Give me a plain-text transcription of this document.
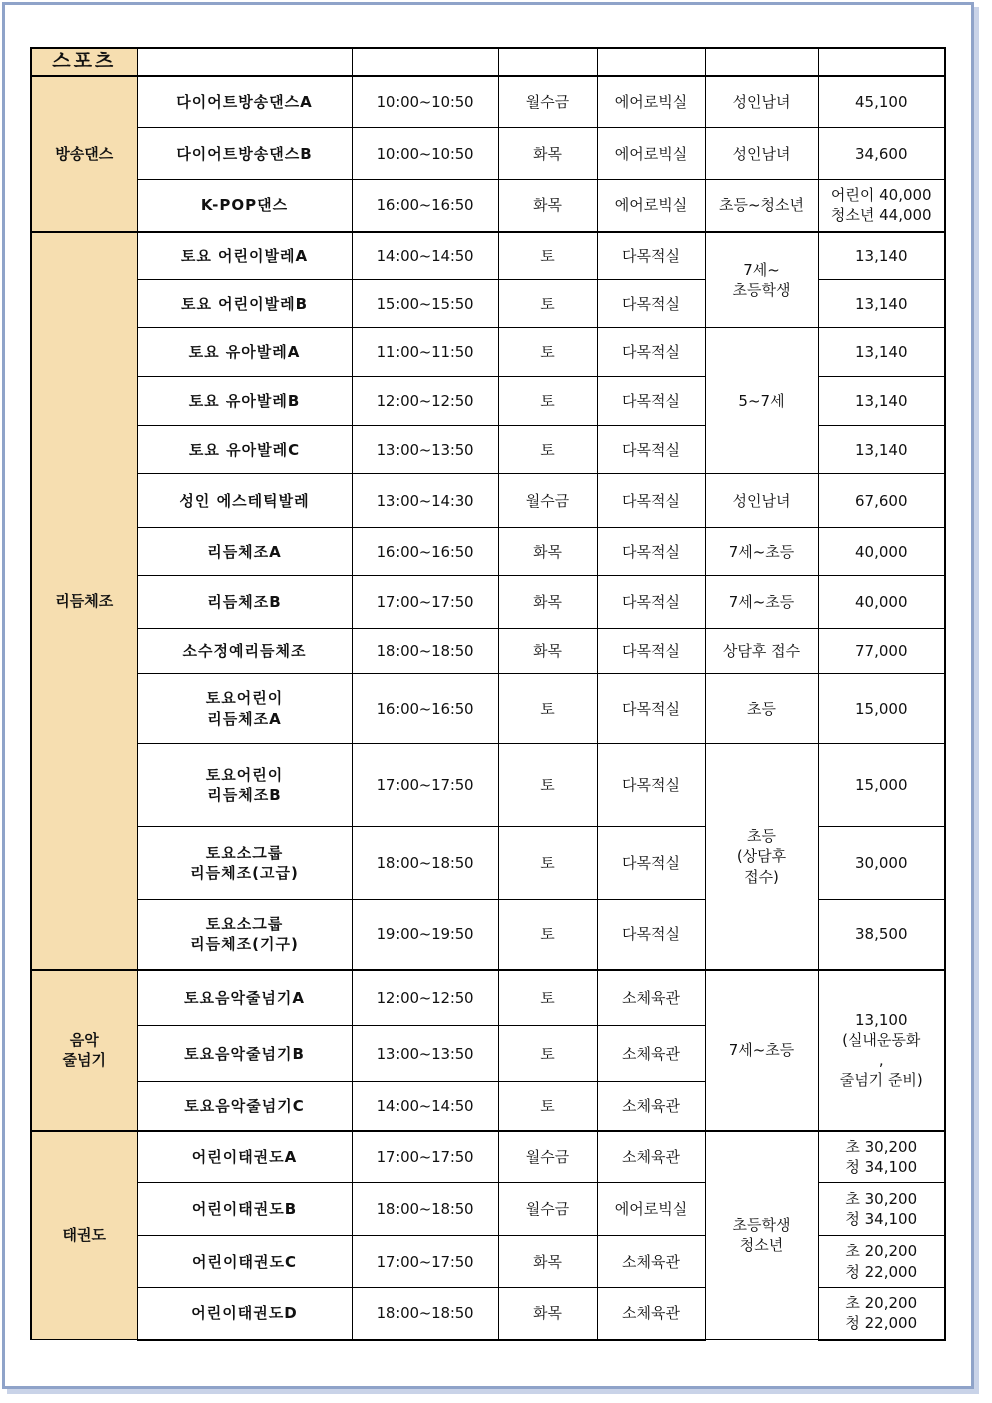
스포츠						
방송댄스	다이어트방송댄스A	10:00~10:50	월수금	에어로빅실	성인남녀	45,100
	다이어트방송댄스B	10:00~10:50	화목	에어로빅실	성인남녀	34,600
	K-POP댄스	16:00~16:50	화목	에어로빅실	초등~청소년	어린이 40,000
청소년 44,000

리듬체조	토요 어린이발레A	14:00~14:50	토	다목적실	7세~
초등학생	13,140
	토요 어린이발레B	15:00~15:50	토	다목적실		13,140
	토요 유아발레A	11:00~11:50	토	다목적실	5~7세	13,140
	토요 유아발레B	12:00~12:50	토	다목적실		13,140
	토요 유아발레C	13:00~13:50	토	다목적실		13,140
	성인 에스테틱발레	13:00~14:30	월수금	다목적실	성인남녀	67,600
	리듬체조A	16:00~16:50	화목	다목적실	7세~초등	40,000
	리듬체조B	17:00~17:50	화목	다목적실	7세~초등	40,000
	소수정예리듬체조	18:00~18:50	화목	다목적실	상담후 접수	77,000

	토요어린이
리듬체조A	16:00~16:50	토	다목적실	초등	15,000

	토요어린이
리듬체조B	17:00~17:50	토	다목적실	초등
(상담후
접수)	15,000

	토요소그룹
리듬체조(고급)	18:00~18:50	토	다목적실		30,000

	토요소그룹
리듬체조(기구)	19:00~19:50	토	다목적실		38,500

음악
줄넘기	토요음악줄넘기A	12:00~12:50	토	소체육관	7세~초등	13,100
(실내운동화
,
줄넘기 준비)

	토요음악줄넘기B	13:00~13:50	토	소체육관		
	토요음악줄넘기C	14:00~14:50	토	소체육관		
태권도	어린이태권도A	17:00~17:50	월수금	소체육관	초등학생
청소년	초 30,200
청 34,100

	어린이태권도B	18:00~18:50	월수금	에어로빅실		초 30,200
청 34,100

	어린이태권도C	17:00~17:50	화목	소체육관		초 20,200
청 22,000

	어린이태권도D	18:00~18:50	화목	소체육관		초 20,200
청 22,000
